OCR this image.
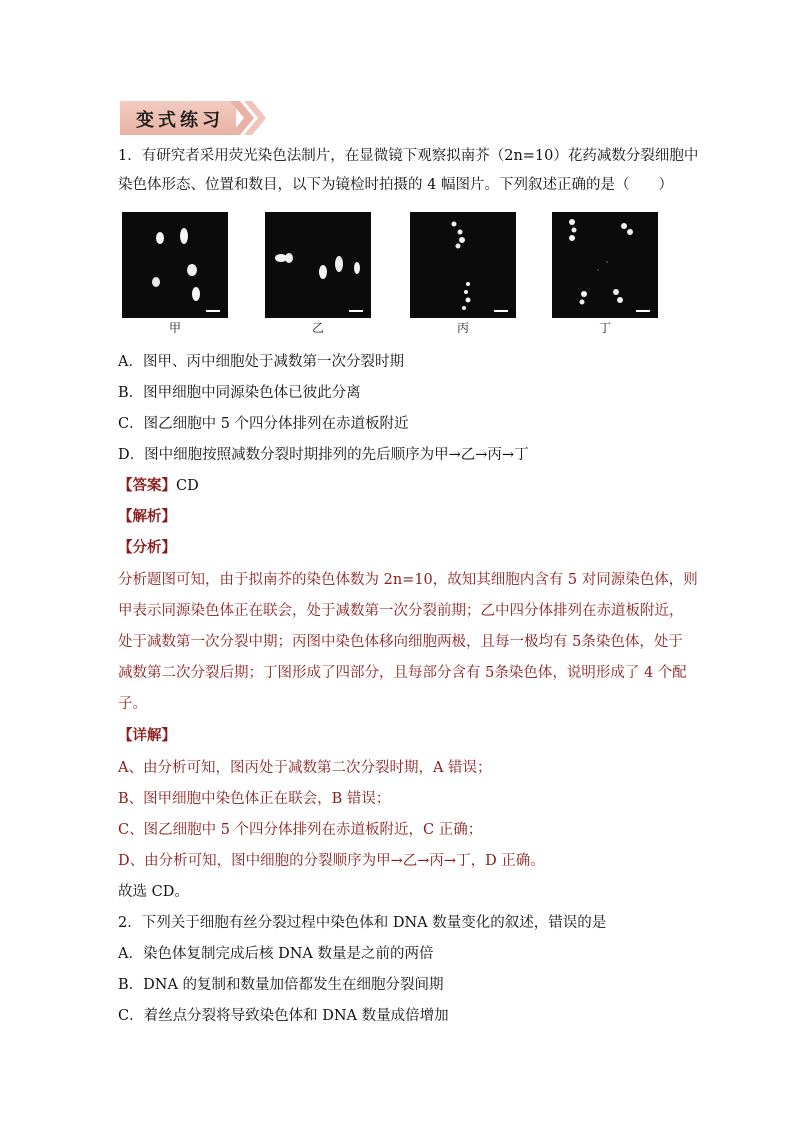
变式练习
1．有研究者采用荧光染色法制片，在显微镜下观察拟南芥（2n=10）花药减数分裂细胞中
染色体形态、位置和数目，以下为镜检时拍摄的 4 幅图片。下列叙述正确的是（　　）
甲	乙	丙	丁
A．图甲、丙中细胞处于减数第一次分裂时期
B．图甲细胞中同源染色体已彼此分离
C．图乙细胞中 5 个四分体排列在赤道板附近
D．图中细胞按照减数分裂时期排列的先后顺序为甲→乙→丙→丁
【答案】CD
【解析】
【分析】
分析题图可知，由于拟南芥的染色体数为 2n=10，故知其细胞内含有 5 对同源染色体，则
甲表示同源染色体正在联会，处于减数第一次分裂前期；乙中四分体排列在赤道板附近，
处于减数第一次分裂中期；丙图中染色体移向细胞两极，且每一极均有 5条染色体，处于
减数第二次分裂后期；丁图形成了四部分，且每部分含有 5条染色体，说明形成了 4 个配
子。
【详解】
A、由分析可知，图丙处于减数第二次分裂时期，A 错误；
B、图甲细胞中染色体正在联会，B 错误；
C、图乙细胞中 5 个四分体排列在赤道板附近，C 正确；
D、由分析可知，图中细胞的分裂顺序为甲→乙→丙→丁，D 正确。
故选 CD。
2．下列关于细胞有丝分裂过程中染色体和 DNA 数量变化的叙述，错误的是
A．染色体复制完成后核 DNA 数量是之前的两倍
B．DNA 的复制和数量加倍都发生在细胞分裂间期
C．着丝点分裂将导致染色体和 DNA 数量成倍增加
